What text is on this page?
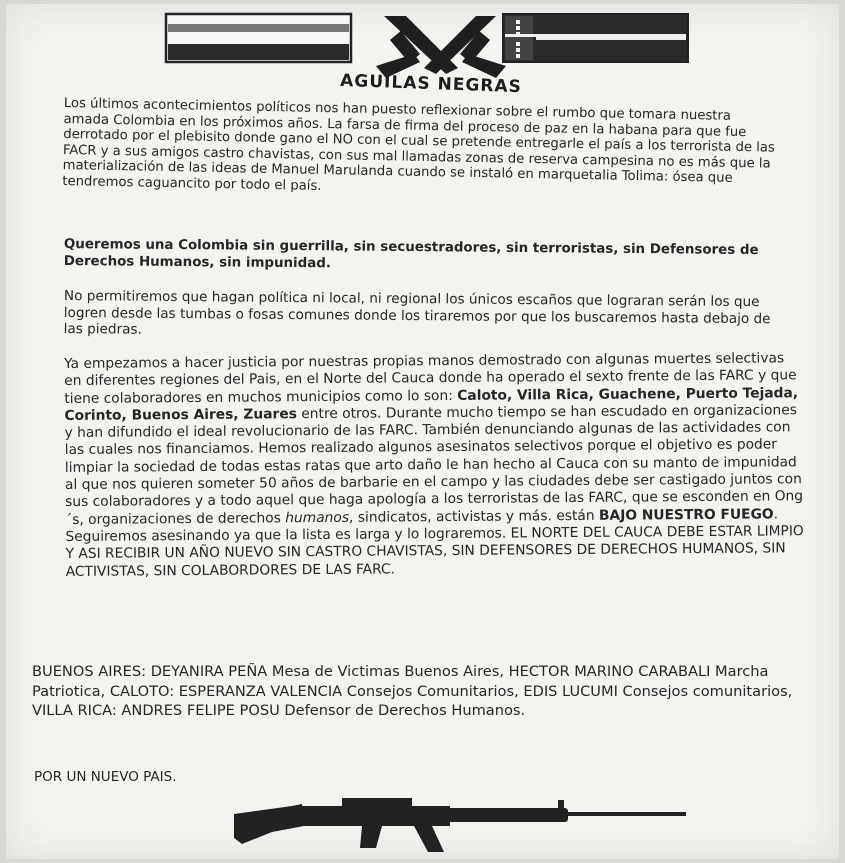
AGUILAS NEGRAS
Los últimos acontecimientos políticos nos han puesto reflexionar sobre el rumbo que tomara nuestra amada Colombia en los próximos años. La farsa de firma del proceso de paz en la habana para que fue derrotado por el plebisito donde gano el NO con el cual se pretende entregarle el país a los terrorista de las FACR y a sus amigos castro chavistas, con sus mal llamadas zonas de reserva campesina no es más que la materialización de las ideas de Manuel Marulanda cuando se instaló en marquetalia Tolima: ósea que tendremos caguancito por todo el país.
Queremos una Colombia sin guerrilla, sin secuestradores, sin terroristas, sin Defensores de Derechos Humanos, sin impunidad.
No permitiremos que hagan política ni local, ni regional los únicos escaños que lograran serán los que logren desde las tumbas o fosas comunes donde los tiraremos por que los buscaremos hasta debajo de las piedras.
Ya empezamos a hacer justicia por nuestras propias manos demostrado con algunas muertes selectivas en diferentes regiones del Pais, en el Norte del Cauca donde ha operado el sexto frente de las FARC y que tiene colaboradores en muchos municipios como lo son: Caloto, Villa Rica, Guachene, Puerto Tejada, Corinto, Buenos Aires, Zuares entre otros. Durante mucho tiempo se han escudado en organizaciones y han difundido el ideal revolucionario de las FARC. También denunciando algunas de las actividades con las cuales nos financiamos. Hemos realizado algunos asesinatos selectivos porque el objetivo es poder limpiar la sociedad de todas estas ratas que arto daño le han hecho al Cauca con su manto de impunidad al que nos quieren someter 50 años de barbarie en el campo y las ciudades debe ser castigado juntos con sus colaboradores y a todo aquel que haga apología a los terroristas de las FARC, que se esconden en Ong´s, organizaciones de derechos humanos, sindicatos, activistas y más. están BAJO NUESTRO FUEGO. Seguiremos asesinando ya que la lista es larga y lo lograremos. EL NORTE DEL CAUCA DEBE ESTAR LIMPIO Y ASI RECIBIR UN AÑO NUEVO SIN CASTRO CHAVISTAS, SIN DEFENSORES DE DERECHOS HUMANOS, SIN ACTIVISTAS, SIN COLABORDORES DE LAS FARC.
BUENOS AIRES: DEYANIRA PEÑA Mesa de Victimas Buenos Aires, HECTOR MARINO CARABALI Marcha Patriotica, CALOTO: ESPERANZA VALENCIA Consejos Comunitarios, EDIS LUCUMI Consejos comunitarios, VILLA RICA: ANDRES FELIPE POSU Defensor de Derechos Humanos.
POR UN NUEVO PAIS.
